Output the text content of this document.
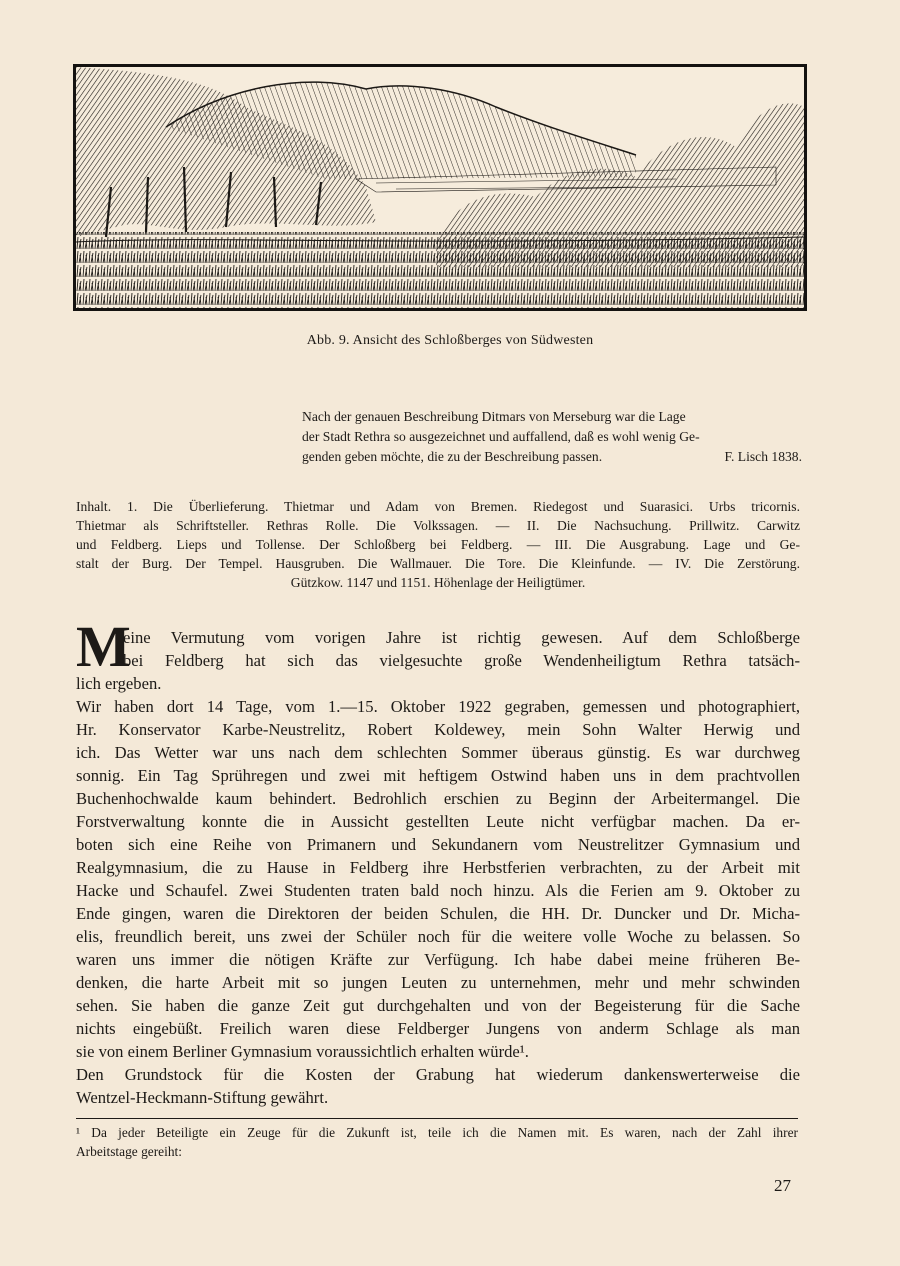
Abb. 9. Ansicht des Schloßberges von Südwesten
Nach der genauen Beschreibung Ditmars von Merseburg war die Lage
der Stadt Rethra so ausgezeichnet und auffallend, daß es wohl wenig Ge-
genden geben möchte, die zu der Beschreibung passen.	F. Lisch 1838.
Inhalt. 1. Die Überlieferung. Thietmar und Adam von Bremen. Riedegost und Suarasici. Urbs tricornis.
Thietmar als Schriftsteller. Rethras Rolle. Die Volkssagen. — II. Die Nachsuchung. Prillwitz. Carwitz
und Feldberg. Lieps und Tollense. Der Schloßberg bei Feldberg. — III. Die Ausgrabung. Lage und Ge-
stalt der Burg. Der Tempel. Hausgruben. Die Wallmauer. Die Tore. Die Kleinfunde. — IV. Die Zerstörung.
Gützkow. 1147 und 1151. Höhenlage der Heiligtümer.
M
eine Vermutung vom vorigen Jahre ist richtig gewesen. Auf dem Schloßberge
bei Feldberg hat sich das vielgesuchte große Wendenheiligtum Rethra tatsäch-
lich ergeben.
Wir haben dort 14 Tage, vom 1.—15. Oktober 1922 gegraben, gemessen und photographiert,
Hr. Konservator Karbe-Neustrelitz, Robert Koldewey, mein Sohn Walter Herwig und
ich. Das Wetter war uns nach dem schlechten Sommer überaus günstig. Es war durchweg
sonnig. Ein Tag Sprühregen und zwei mit heftigem Ostwind haben uns in dem prachtvollen
Buchenhochwalde kaum behindert. Bedrohlich erschien zu Beginn der Arbeitermangel. Die
Forstverwaltung konnte die in Aussicht gestellten Leute nicht verfügbar machen. Da er-
boten sich eine Reihe von Primanern und Sekundanern vom Neustrelitzer Gymnasium und
Realgymnasium, die zu Hause in Feldberg ihre Herbstferien verbrachten, zu der Arbeit mit
Hacke und Schaufel. Zwei Studenten traten bald noch hinzu. Als die Ferien am 9. Oktober zu
Ende gingen, waren die Direktoren der beiden Schulen, die HH. Dr. Duncker und Dr. Micha-
elis, freundlich bereit, uns zwei der Schüler noch für die weitere volle Woche zu belassen. So
waren uns immer die nötigen Kräfte zur Verfügung. Ich habe dabei meine früheren Be-
denken, die harte Arbeit mit so jungen Leuten zu unternehmen, mehr und mehr schwinden
sehen. Sie haben die ganze Zeit gut durchgehalten und von der Begeisterung für die Sache
nichts eingebüßt. Freilich waren diese Feldberger Jungens von anderm Schlage als man
sie von einem Berliner Gymnasium voraussichtlich erhalten würde¹.
Den Grundstock für die Kosten der Grabung hat wiederum dankenswerterweise die
Wentzel-Heckmann-Stiftung gewährt.
¹ Da jeder Beteiligte ein Zeuge für die Zukunft ist, teile ich die Namen mit. Es waren, nach der Zahl ihrer
Arbeitstage gereiht:
27
